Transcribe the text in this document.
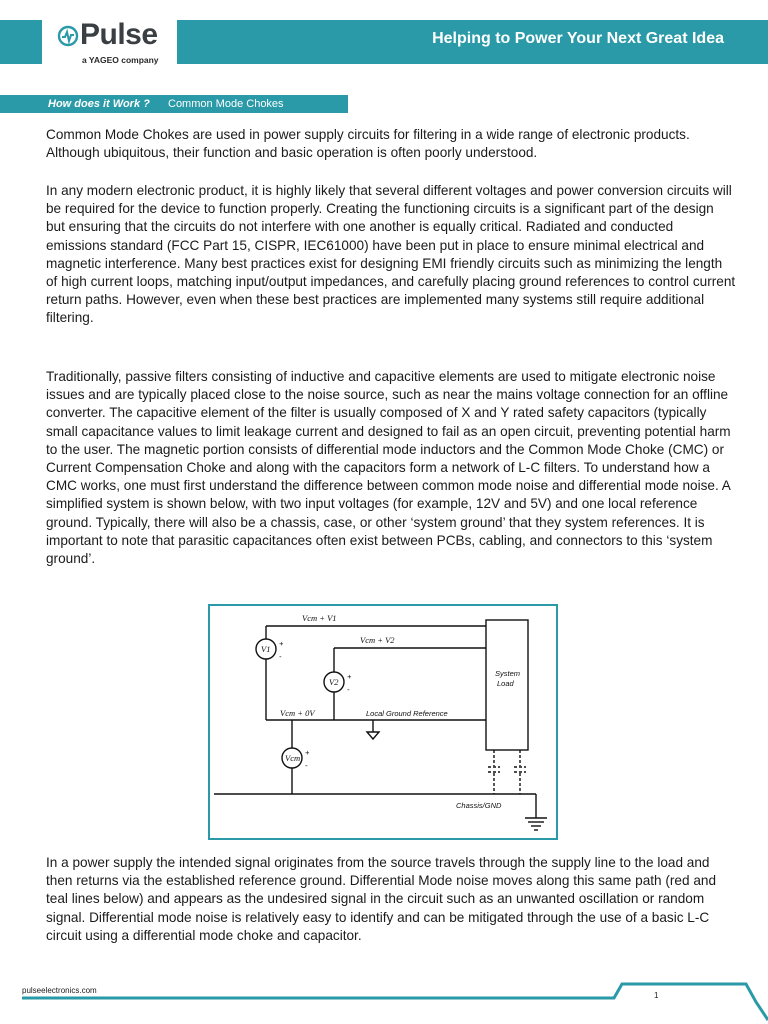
Helping to Power Your Next Great Idea
Pulse
a YAGEO company
How does it Work ? Common Mode Chokes

Common Mode Chokes are used in power supply circuits for filtering in a wide range of electronic products. Although ubiquitous, their function and basic operation is often poorly understood.

In any modern electronic product, it is highly likely that several different voltages and power conversion circuits will be required for the device to function properly. Creating the functioning circuits is a significant part of the design but ensuring that the circuits do not interfere with one another is equally critical. Radiated and conducted emissions standard (FCC Part 15, CISPR, IEC61000) have been put in place to ensure minimal electrical and magnetic interference. Many best practices exist for designing EMI friendly circuits such as minimizing the length of high current loops, matching input/output impedances, and carefully placing ground references to control current return paths. However, even when these best practices are implemented many systems still require additional filtering.

Traditionally, passive filters consisting of inductive and capacitive elements are used to mitigate electronic noise issues and are typically placed close to the noise source, such as near the mains voltage connection for an offline converter. The capacitive element of the filter is usually composed of X and Y rated safety capacitors (typically small capacitance values to limit leakage current and designed to fail as an open circuit, preventing potential harm to the user. The magnetic portion consists of differential mode inductors and the Common Mode Choke (CMC) or Current Compensation Choke and along with the capacitors form a network of L-C filters. To understand how a CMC works, one must first understand the difference between common mode noise and differential mode noise. A simplified system is shown below, with two input voltages (for example, 12V and 5V) and one local reference ground. Typically, there will also be a chassis, case, or other ‘system ground’ that they system references. It is important to note that parasitic capacitances often exist between PCBs, cabling, and connectors to this ‘system ground’.

Vcm + V1
Vcm + V2
Vcm + 0V	Local Ground Reference
System
Load
V1
V2
Vcm
+
-
+
-
+
-
Chassis/GND

In a power supply the intended signal originates from the source travels through the supply line to the load and then returns via the established reference ground. Differential Mode noise moves along this same path (red and teal lines below) and appears as the undesired signal in the circuit such as an unwanted oscillation or random signal. Differential mode noise is relatively easy to identify and can be mitigated through the use of a basic L-C circuit using a differential mode choke and capacitor.

pulseelectronics.com
1
